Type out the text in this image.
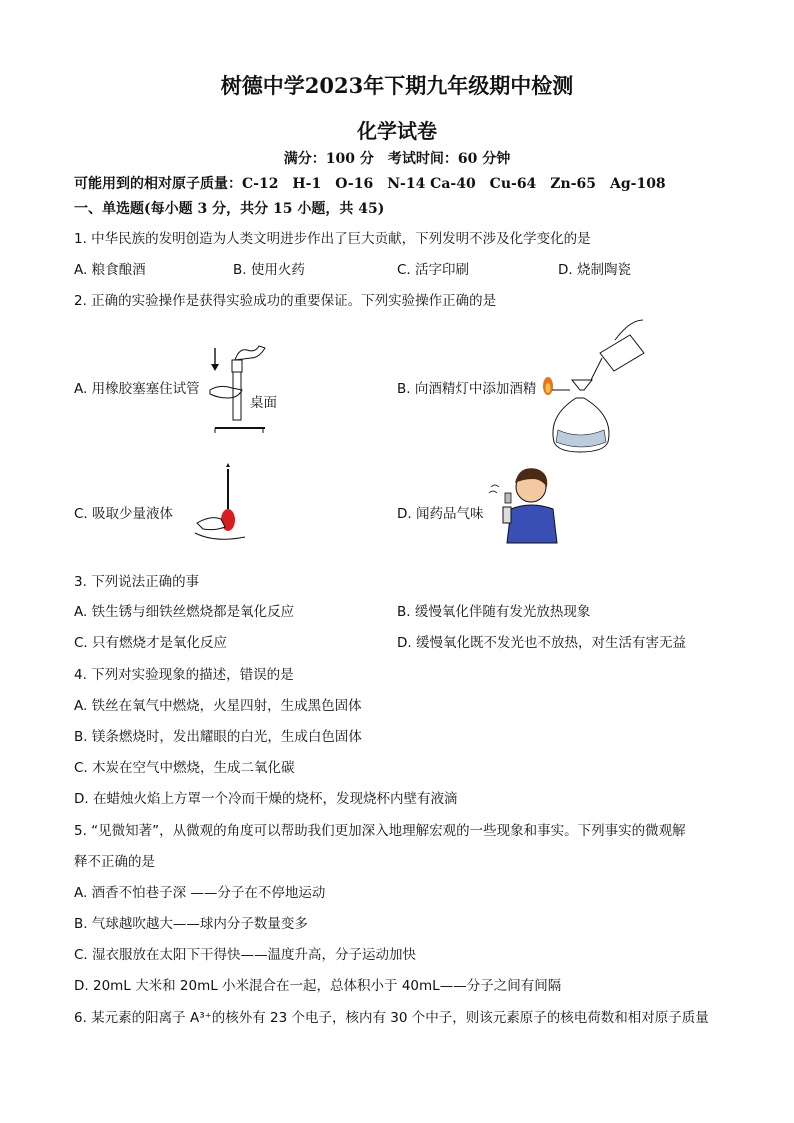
树德中学2023年下期九年级期中检测
化学试卷
满分：100 分　考试时间：60 分钟
可能用到的相对原子质量：C-12　H-1　O-16　N-14 Ca-40　Cu-64　Zn-65　Ag-108
一、单选题(每小题 3 分，共分 15 小题，共 45)
1. 中华民族的发明创造为人类文明进步作出了巨大贡献，下列发明不涉及化学变化的是
A. 粮食酿酒	B. 使用火药	C. 活字印刷	D. 烧制陶瓷
2. 正确的实验操作是获得实验成功的重要保证。下列实验操作正确的是
A. 用橡胶塞塞住试管	B. 向酒精灯中添加酒精
C. 吸取少量液体	D. 闻药品气味
桌面
3. 下列说法正确的事
A. 铁生锈与细铁丝燃烧都是氧化反应	B. 缓慢氧化伴随有发光放热现象
C. 只有燃烧才是氧化反应	D. 缓慢氧化既不发光也不放热，对生活有害无益
4. 下列对实验现象的描述，错误的是
A. 铁丝在氧气中燃烧，火星四射，生成黑色固体
B. 镁条燃烧时，发出耀眼的白光，生成白色固体
C. 木炭在空气中燃烧，生成二氧化碳
D. 在蜡烛火焰上方罩一个冷而干燥的烧杯，发现烧杯内壁有液滴
5. “见微知著”，从微观的角度可以帮助我们更加深入地理解宏观的一些现象和事实。下列事实的微观解
释不正确的是
A. 酒香不怕巷子深 ——分子在不停地运动
B. 气球越吹越大——球内分子数量变多
C. 湿衣服放在太阳下干得快——温度升高，分子运动加快
D. 20mL 大米和 20mL 小米混合在一起，总体积小于 40mL——分子之间有间隔
6. 某元素的阳离子 A³⁺的核外有 23 个电子，核内有 30 个中子，则该元素原子的核电荷数和相对原子质量
